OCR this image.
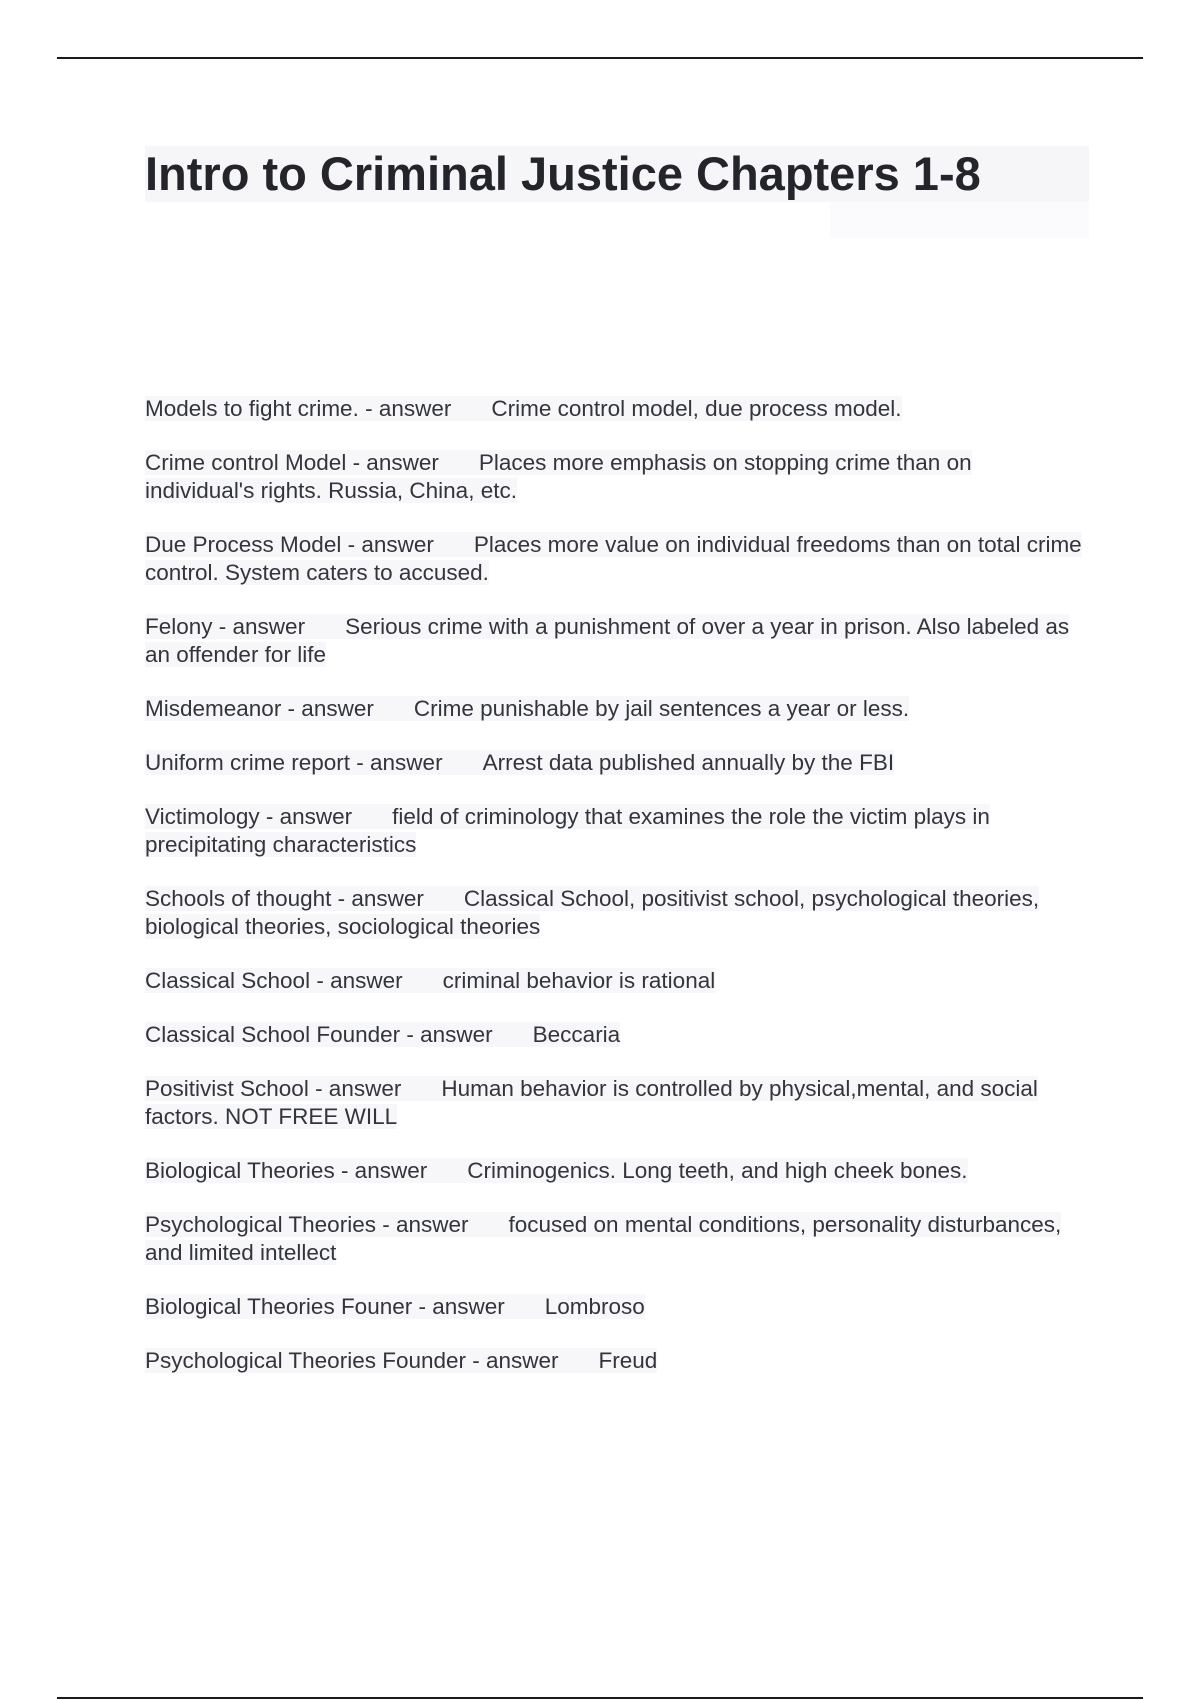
Intro to Criminal Justice Chapters 1-8

Models to fight crime. - answer Crime control model, due process model.

Crime control Model - answer Places more emphasis on stopping crime than on individual's rights. Russia, China, etc.

Due Process Model - answer Places more value on individual freedoms than on total crime control. System caters to accused.

Felony - answer Serious crime with a punishment of over a year in prison. Also labeled as an offender for life

Misdemeanor - answer Crime punishable by jail sentences a year or less.

Uniform crime report - answer Arrest data published annually by the FBI

Victimology - answer field of criminology that examines the role the victim plays in precipitating characteristics

Schools of thought - answer Classical School, positivist school, psychological theories, biological theories, sociological theories

Classical School - answer criminal behavior is rational

Classical School Founder - answer Beccaria

Positivist School - answer Human behavior is controlled by physical,mental, and social factors. NOT FREE WILL

Biological Theories - answer Criminogenics. Long teeth, and high cheek bones.

Psychological Theories - answer focused on mental conditions, personality disturbances, and limited intellect

Biological Theories Founer - answer Lombroso

Psychological Theories Founder - answer Freud
